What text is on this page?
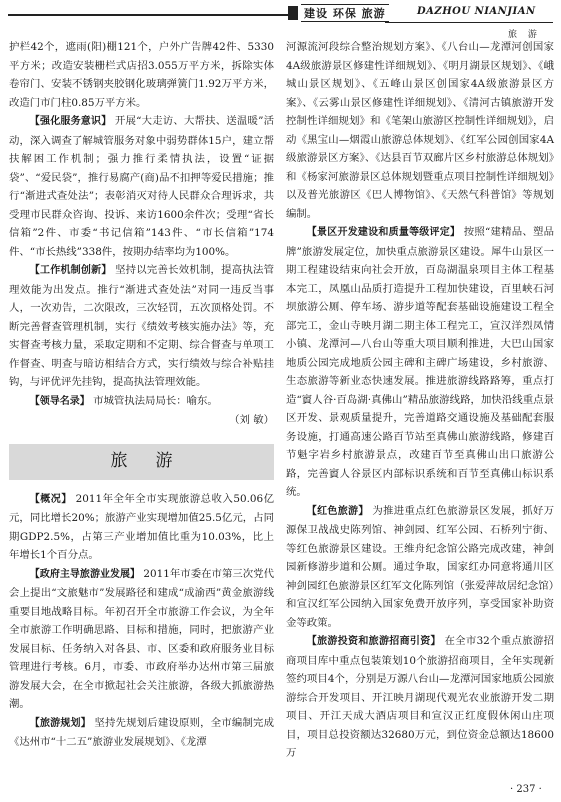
建设 环保 旅游	DAZHOU NIANJIAN
旅 游

护栏42个，遮雨(阳)棚121个，户外广告牌42件、5330平方米；改造安装栅栏式店招3.055万平方米，拆除实体卷帘门、安装不锈钢夹胶钢化玻璃弹簧门1.92万平方米，改造门市门柱0.85万平方米。

【强化服务意识】 开展“大走访、大帮扶、送温暖”活动，深入调查了解城管服务对象中弱势群体15户，建立帮扶解困工作机制；强力推行柔情执法，设置“证据袋”、“爱民袋”，推行易腐产(商)品不扣押等爱民措施；推行“渐进式查处法”；表彰消灭对待人民群众合理诉求，共受理市民群众咨询、投诉、来访1600余件次；受理“省长信箱”2件、市委“书记信箱”143件、“市长信箱”174件、“市长热线”338件，按期办结率均为100%。

【工作机制创新】 坚持以完善长效机制，提高执法管理效能为出发点。推行“渐进式查处法”对同一违反当事人，一次劝告，二次限改，三次轻罚，五次顶格处罚。不断完善督查管理机制，实行《绩效考核实施办法》等，充实督查考核力量，采取定期和不定期、综合督查与单项工作督查、明查与暗访相结合方式，实行绩效与综合补贴挂钩，与评优评先挂钩，提高执法管理效能。

【领导名录】 市城管执法局局长：喻东。

（刘 敏）

旅游

【概况】 2011年全年全市实现旅游总收入50.06亿元，同比增长20%；旅游产业实现增加值25.5亿元，占同期GDP2.5%，占第三产业增加值比重为10.03%，比上年增长1个百分点。

【政府主导旅游业发展】 2011年市委在市第三次党代会上提出“文旅魅市”发展路径和建成“成渝西”黄金旅游线重要目地战略目标。年初召开全市旅游工作会议，为全年全市旅游工作明确思路、目标和措施，同时，把旅游产业发展目标、任务纳入对各县、市、区委和政府服务业目标管理进行考核。6月，市委、市政府举办达州市第三届旅游发展大会，在全市掀起社会关注旅游，各级大抓旅游热潮。

【旅游规划】 坚持先规划后建设原则，全市编制完成《达州市“十二五”旅游业发展规划》、《龙潭

河源流河段综合整治规划方案》、《八台山—龙潭河创国家4A级旅游景区修建性详细规划》、《明月湖景区规划》、《峨城山景区规划》、《五峰山景区创国家4A级旅游景区方案》、《云雾山景区修建性详细规划》、《清河古镇旅游开发控制性详细规划》和《笔架山旅游区控制性详细规划》，启动《黑宝山—烟霞山旅游总体规划》、《红军公园创国家4A级旅游景区方案》、《达县百节双廊片区乡村旅游总体规划》和《杨家河旅游景区总体规划暨重点项目控制性详细规划》以及普光旅游区《巴人博物馆》、《天然气科普馆》等规划编制。

【景区开发建设和质量等级评定】 按照“建精品、塑品牌”旅游发展定位，加快重点旅游景区建设。犀牛山景区一期工程建设结束向社会开放，百岛湖温泉项目主体工程基本完工，凤凰山品质打造提升工程加快建设，百里峡石河坝旅游公厕、停车场、游步道等配套基础设施建设工程全部完工，金山寺映月湖二期主体工程完工，宣汉洋烈凤情小镇、龙潭河—八台山等重大项目顺利推进，大巴山国家地质公园完成地质公园主碑和主碑广场建设，乡村旅游、生态旅游等新业态快速发展。推进旅游线路路筹，重点打造“賨人谷·百岛湖·真佛山”精品旅游线路，加快沿线重点景区开发、景观质量提升，完善道路交通设施及基础配套服务设施，打通高速公路百节站至真佛山旅游线路，修建百节魁字岩乡村旅游景点，改建百节至真佛山出口旅游公路，完善賨人谷景区内部标识系统和百节至真佛山标识系统。

【红色旅游】 为推进重点红色旅游景区发展，抓好万源保卫战战史陈列馆、神剑园、红军公园、石桥列宁街、等红色旅游景区建设。王维舟纪念馆公路完成改建，神剑园新修游步道和公厕。通过争取，国家红办同意将通川区神剑园红色旅游景区红军文化陈列馆（张爱萍故居纪念馆）和宣汉红军公园纳入国家免费开放序列，享受国家补助资金等政策。

【旅游投资和旅游招商引资】 在全市32个重点旅游招商项目库中重点包装策划10个旅游招商项目，全年实现新签约项目4个，分别是万源八台山—龙潭河国家地质公园旅游综合开发项目、开江映月湖现代观光农业旅游开发二期项目、开江天成大酒店项目和宣汉正红度假休闲山庄项目，项目总投资额达32680万元，到位资金总额达18600万

· 237 ·
